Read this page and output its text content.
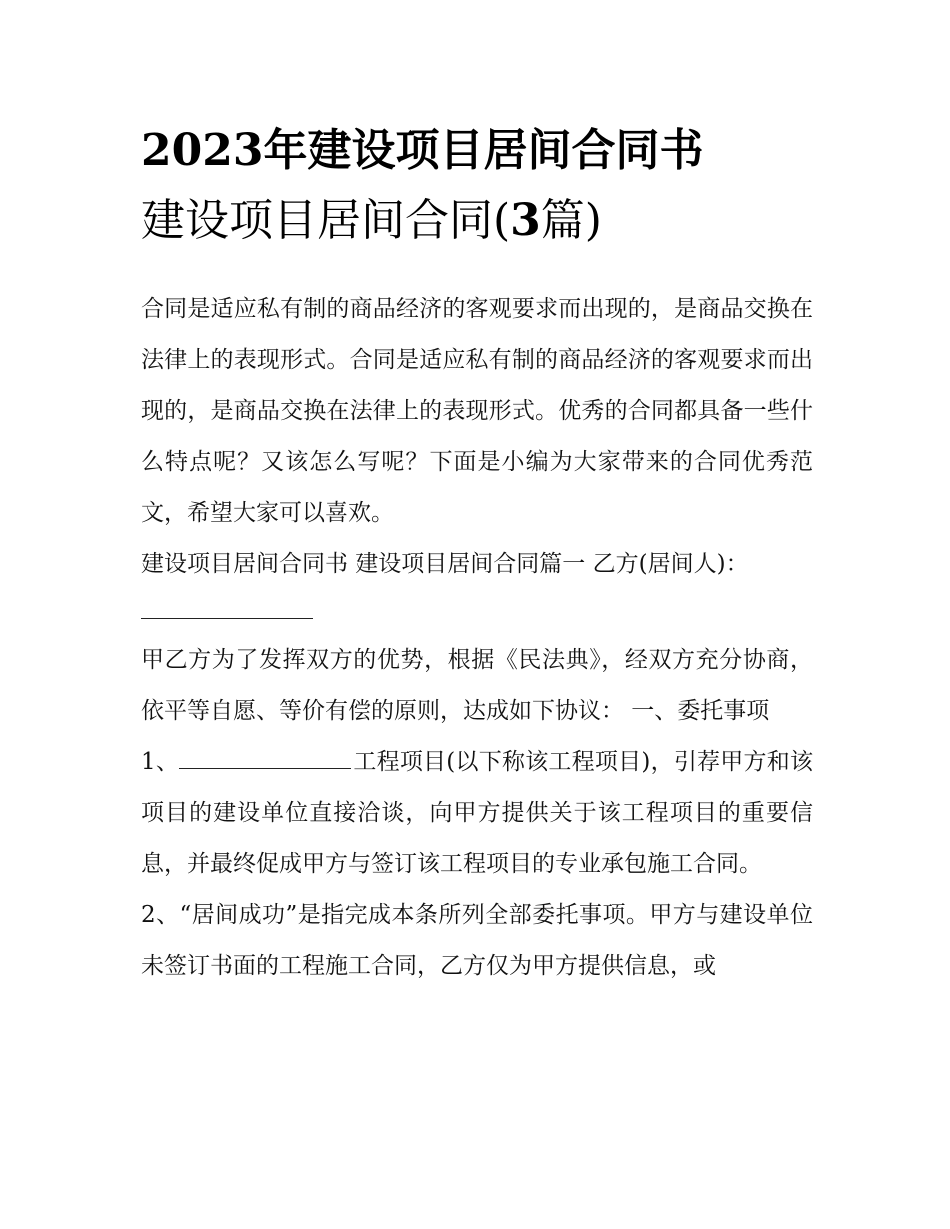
2023年建设项目居间合同书
建设项目居间合同(3篇)

合同是适应私有制的商品经济的客观要求而出现的，是商品交换在法律上的表现形式。合同是适应私有制的商品经济的客观要求而出现的，是商品交换在法律上的表现形式。优秀的合同都具备一些什么特点呢？又该怎么写呢？下面是小编为大家带来的合同优秀范文，希望大家可以喜欢。

建设项目居间合同书 建设项目居间合同篇一 乙方(居间人)：

甲乙方为了发挥双方的优势，根据《民法典》，经双方充分协商，依平等自愿、等价有偿的原则，达成如下协议： 一、委托事项

1、	工程项目(以下称该工程项目)，引荐甲方和该项目的建设单位直接洽谈，向甲方提供关于该工程项目的重要信息，并最终促成甲方与签订该工程项目的专业承包施工合同。

2、“居间成功”是指完成本条所列全部委托事项。甲方与建设单位未签订书面的工程施工合同，乙方仅为甲方提供信息，或
